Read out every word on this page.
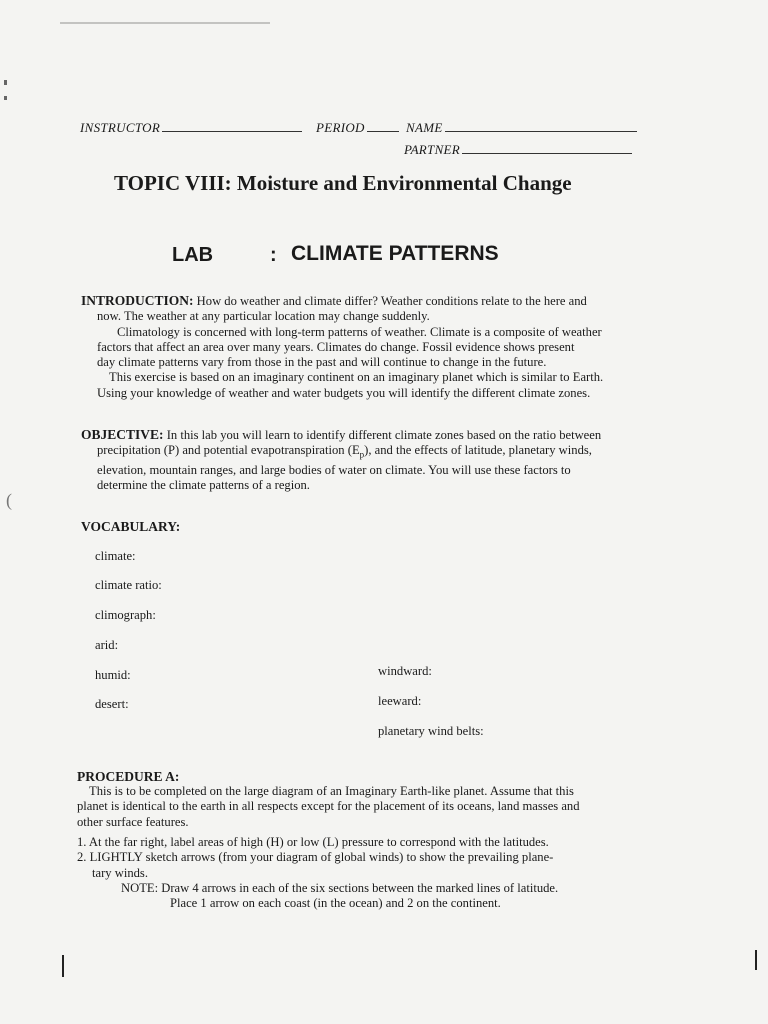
(
INSTRUCTOR	PERIOD	NAME
PARTNER
TOPIC VIII: Moisture and Environmental Change
LAB	: CLIMATE PATTERNS
INTRODUCTION: How do weather and climate differ? Weather conditions relate to the here and
now. The weather at any particular location may change suddenly.
Climatology is concerned with long-term patterns of weather. Climate is a composite of weather
factors that affect an area over many years. Climates do change. Fossil evidence shows present
day climate patterns vary from those in the past and will continue to change in the future.
This exercise is based on an imaginary continent on an imaginary planet which is similar to Earth.
Using your knowledge of weather and water budgets you will identify the different climate zones.
OBJECTIVE: In this lab you will learn to identify different climate zones based on the ratio between
precipitation (P) and potential evapotranspiration $(E_p)$, and the effects of latitude, planetary winds,
elevation, mountain ranges, and large bodies of water on climate. You will use these factors to
determine the climate patterns of a region.
VOCABULARY:
climate:
climate ratio:
climograph:
arid:
humid:
desert:
windward:
leeward:
planetary wind belts:
PROCEDURE A:
This is to be completed on the large diagram of an Imaginary Earth-like planet. Assume that this
planet is identical to the earth in all respects except for the placement of its oceans, land masses and
other surface features.
1. At the far right, label areas of high (H) or low (L) pressure to correspond with the latitudes.
2. LIGHTLY sketch arrows (from your diagram of global winds) to show the prevailing plane-
tary winds.
NOTE: Draw 4 arrows in each of the six sections between the marked lines of latitude.
Place 1 arrow on each coast (in the ocean) and 2 on the continent.
